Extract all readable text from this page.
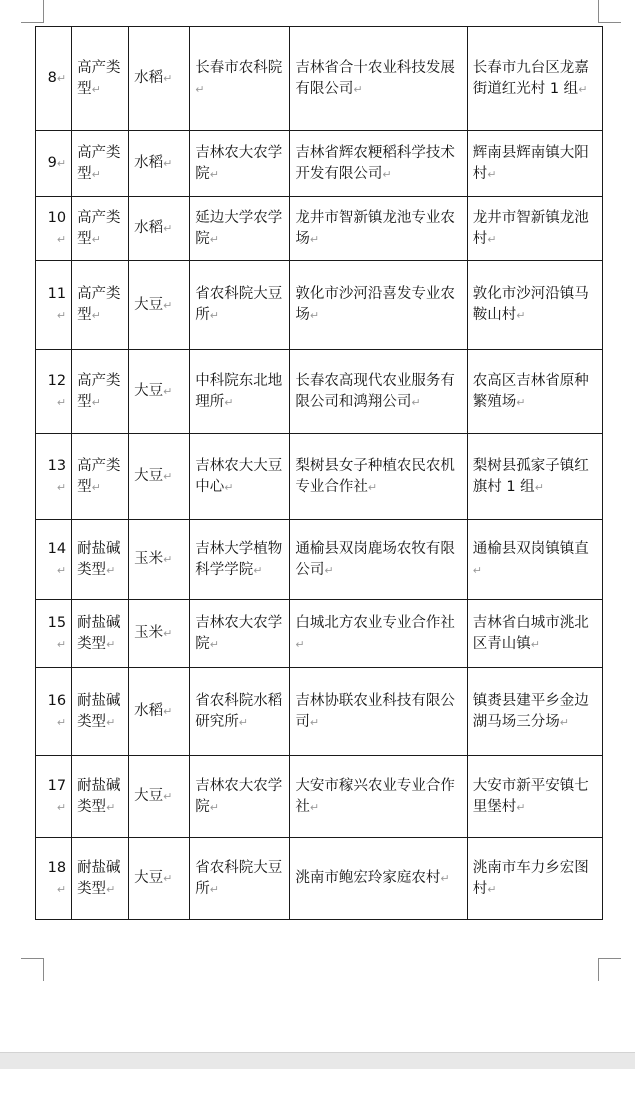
8↵	高产类型↵	水稻↵	长春市农科院↵	吉林省合十农业科技发展有限公司↵	长春市九台区龙嘉街道红光村 1 组↵
9↵	高产类型↵	水稻↵	吉林农大农学院↵	吉林省辉农粳稻科学技术开发有限公司↵	辉南县辉南镇大阳村↵
10↵	高产类型↵	水稻↵	延边大学农学院↵	龙井市智新镇龙池专业农场↵	龙井市智新镇龙池村↵
11↵	高产类型↵	大豆↵	省农科院大豆所↵	敦化市沙河沿喜发专业农场↵	敦化市沙河沿镇马鞍山村↵
12↵	高产类型↵	大豆↵	中科院东北地理所↵	长春农高现代农业服务有限公司和鸿翔公司↵	农高区吉林省原种繁殖场↵
13↵	高产类型↵	大豆↵	吉林农大大豆中心↵	梨树县女子种植农民农机专业合作社↵	梨树县孤家子镇红旗村 1 组↵
14↵	耐盐碱类型↵	玉米↵	吉林大学植物科学学院↵	通榆县双岗鹿场农牧有限公司↵	通榆县双岗镇镇直↵
15↵	耐盐碱类型↵	玉米↵	吉林农大农学院↵	白城北方农业专业合作社↵	吉林省白城市洮北区青山镇↵
16↵	耐盐碱类型↵	水稻↵	省农科院水稻研究所↵	吉林协联农业科技有限公司↵	镇赉县建平乡金边湖马场三分场↵
17↵	耐盐碱类型↵	大豆↵	吉林农大农学院↵	大安市稼兴农业专业合作社↵	大安市新平安镇七里堡村↵
18↵	耐盐碱类型↵	大豆↵	省农科院大豆所↵	洮南市鲍宏玲家庭农村↵	洮南市车力乡宏图村↵
